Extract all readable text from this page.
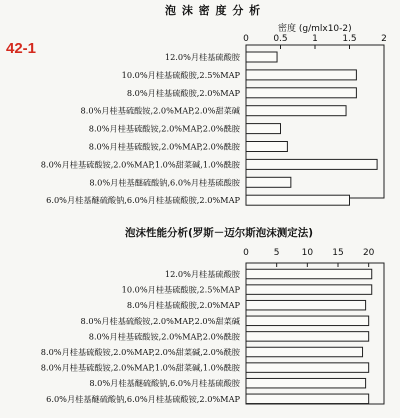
泡 沫 密 度 分 析
42-1
密度 (g/mlx10-2)
泡沫性能分析(罗斯－迈尔斯泡沫测定法)
0	0.5	1	1.5	2
12.0%月桂基硫酸胺
10.0%月桂基硫酸胺,2.5%MAP
8.0%月桂基硫酸胺,2.0%MAP
8.0%月桂基硫酸铵,2.0%MAP,2.0%甜菜碱
8.0%月桂基硫酸铵,2.0%MAP,2.0%酰胺
8.0%月桂基硫酸铵,2.0%MAP,2.0%酰胺
8.0%月桂基硫酸铵,2.0%MAP,1.0%甜菜碱,1.0%酰胺
8.0%月桂基醚硫酸钠,6.0%月桂基硫酸胺
6.0%月桂基醚硫酸钠,6.0%月桂基硫酸胺,2.0%MAP
0	5 10 15 20
12.0%月桂基硫酸胺
10.0%月桂基硫酸胺,2.5%MAP
8.0%月桂基硫酸胺,2.0%MAP
8.0%月桂基硫酸铵,2.0%MAP,2.0%甜菜碱
8.0%月桂基硫酸铵,2.0%MAP,2.0%酰胺
8.0%月桂基硫酸铵,2.0%MAP,2.0%甜菜碱,2.0%酰胺
8.0%月桂基硫酸铵,2.0%MAP,1.0%甜菜碱,1.0%酰胺
8.0%月桂基醚硫酸钠,6.0%月桂基硫酸胺
6.0%月桂基醚硫酸钠,6.0%月桂基硫酸铵,2.0%MAP
